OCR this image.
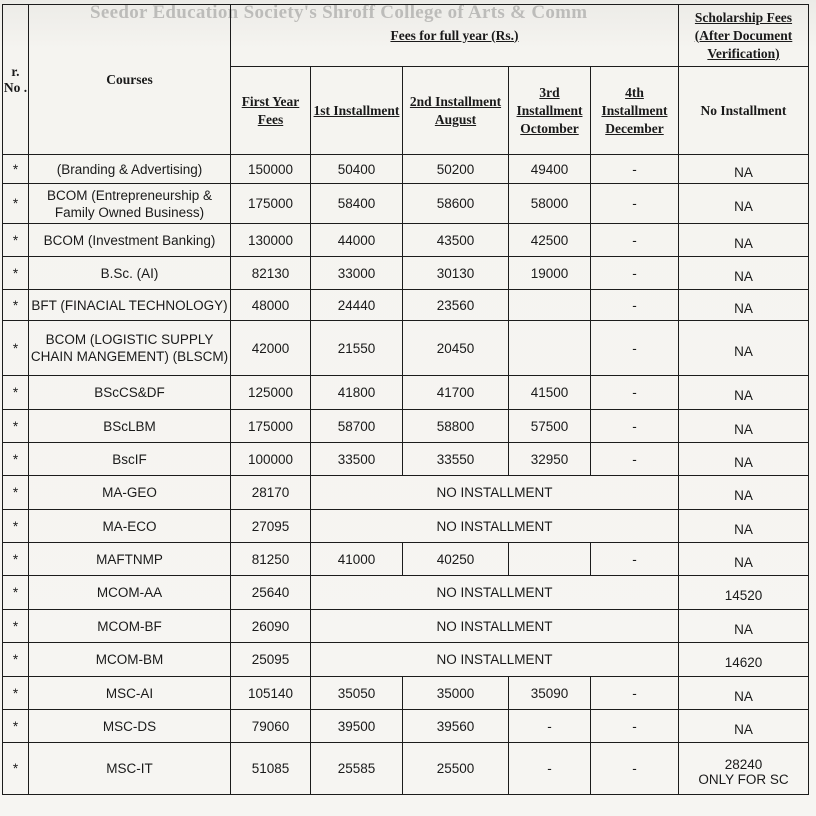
Seedor Education Society's Shroff College of Arts & Comm
r. No .	Courses	Fees for full year (Rs.)					Scholarship Fees (After Document Verification)
		First Year Fees	1st Installment	2nd Installment August	3rd Installment Octomber	4th Installment December	No Installment
*	(Branding & Advertising)	150000	50400	50200	49400	-	NA

*	BCOM (Entrepreneurship & Family Owned Business)	175000	58400	58600	58000	-	NA

*	BCOM (Investment Banking)	130000	44000	43500	42500	-	NA

*	B.Sc. (AI)	82130	33000	30130	19000	-	NA

*	BFT (FINACIAL TECHNOLOGY)	48000	24440	23560		-	NA

*	BCOM (LOGISTIC SUPPLY CHAIN MANGEMENT) (BLSCM)	42000	21550	20450		-	NA

*	BScCS&DF	125000	41800	41700	41500	-	NA

*	BScLBM	175000	58700	58800	57500	-	NA

*	BscIF	100000	33500	33550	32950	-	NA

*	MA-GEO	28170	NO INSTALLMENT				NA

*	MA-ECO	27095	NO INSTALLMENT				NA

*	MAFTNMP	81250	41000	40250		-	NA

*	MCOM-AA	25640	NO INSTALLMENT				14520

*	MCOM-BF	26090	NO INSTALLMENT				NA

*	MCOM-BM	25095	NO INSTALLMENT				14620

*	MSC-AI	105140	35050	35000	35090	-	NA

*	MSC-DS	79060	39500	39560	-	-	NA

*	MSC-IT	51085	25585	25500	-	-	28240
ONLY FOR SC
